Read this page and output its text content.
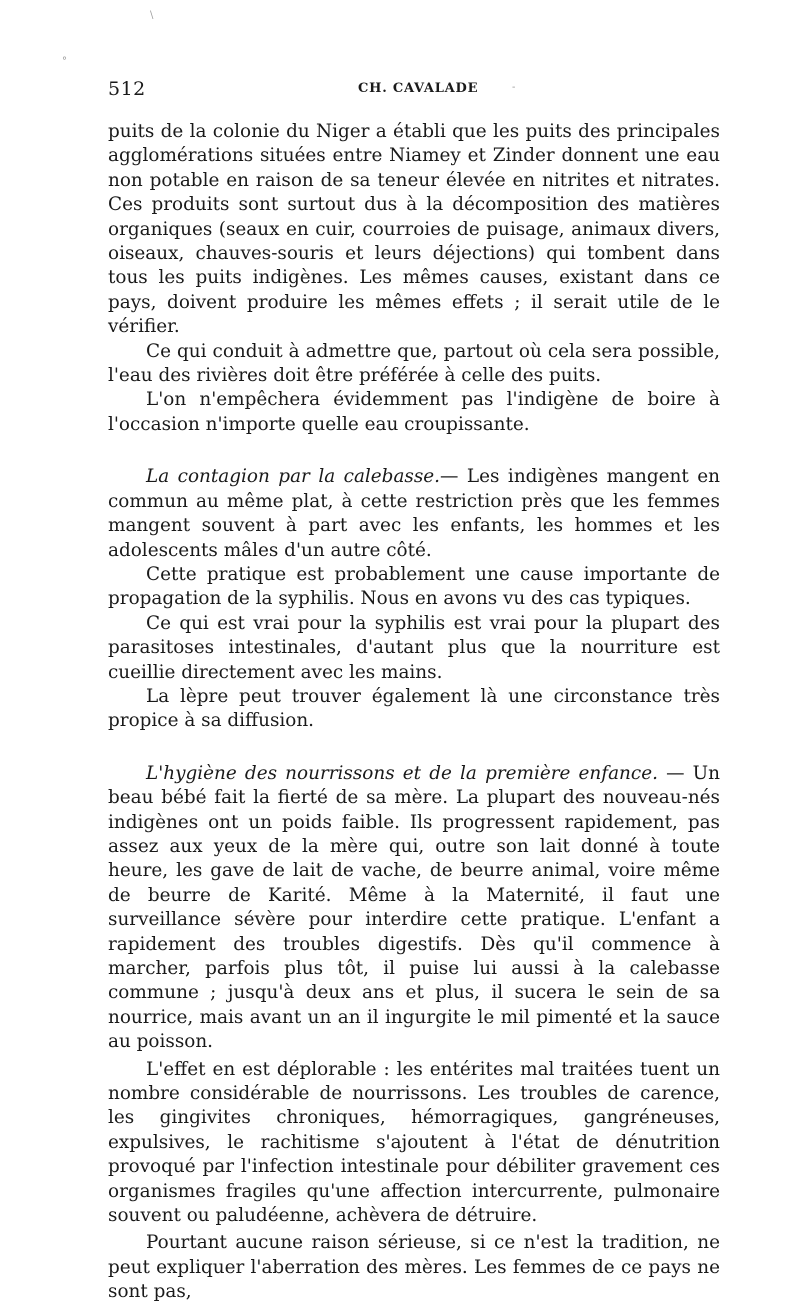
512	CH. CAVALADE

puits de la colonie du Niger a établi que les puits des principales agglomérations situées entre Niamey et Zinder donnent une eau non potable en raison de sa teneur élevée en nitrites et nitrates. Ces produits sont surtout dus à la décomposition des matières organiques (seaux en cuir, courroies de puisage, animaux divers, oiseaux, chauves-souris et leurs déjections) qui tombent dans tous les puits indigènes. Les mêmes causes, existant dans ce pays, doivent produire les mêmes effets ; il serait utile de le vérifier.

Ce qui conduit à admettre que, partout où cela sera possible, l'eau des rivières doit être préférée à celle des puits.

L'on n'empêchera évidemment pas l'indigène de boire à l'occasion n'importe quelle eau croupissante.

La contagion par la calebasse.— Les indigènes mangent en commun au même plat, à cette restriction près que les femmes mangent souvent à part avec les enfants, les hommes et les adolescents mâles d'un autre côté.

Cette pratique est probablement une cause importante de propagation de la syphilis. Nous en avons vu des cas typiques.

Ce qui est vrai pour la syphilis est vrai pour la plupart des parasitoses intestinales, d'autant plus que la nourriture est cueillie directement avec les mains.

La lèpre peut trouver également là une circonstance très propice à sa diffusion.

L'hygiène des nourrissons et de la première enfance. — Un beau bébé fait la fierté de sa mère. La plupart des nouveau-nés indigènes ont un poids faible. Ils progressent rapidement, pas assez aux yeux de la mère qui, outre son lait donné à toute heure, les gave de lait de vache, de beurre animal, voire même de beurre de Karité. Même à la Maternité, il faut une surveillance sévère pour interdire cette pratique. L'enfant a rapidement des troubles digestifs. Dès qu'il commence à marcher, parfois plus tôt, il puise lui aussi à la calebasse commune ; jusqu'à deux ans et plus, il sucera le sein de sa nourrice, mais avant un an il ingurgite le mil pimenté et la sauce au poisson.

L'effet en est déplorable : les entérites mal traitées tuent un nombre considérable de nourrissons. Les troubles de carence, les gingivites chroniques, hémorragiques, gangréneuses, expulsives, le rachitisme s'ajoutent à l'état de dénutrition provoqué par l'infection intestinale pour débiliter gravement ces organismes fragiles qu'une affection intercurrente, pulmonaire souvent ou paludéenne, achèvera de détruire.

Pourtant aucune raison sérieuse, si ce n'est la tradition, ne peut expliquer l'aberration des mères. Les femmes de ce pays ne sont pas,

\
°
-
